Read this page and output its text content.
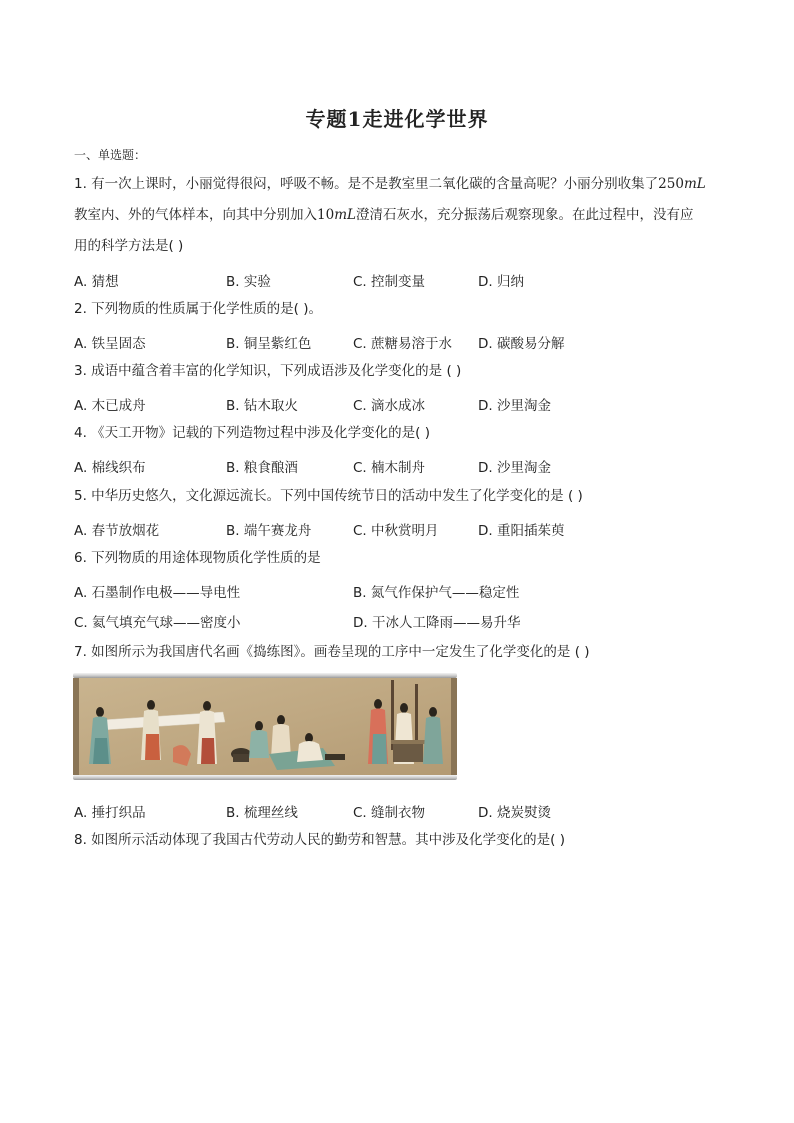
专题1走进化学世界
一、单选题：
1. 有一次上课时，小丽觉得很闷，呼吸不畅。是不是教室里二氧化碳的含量高呢？小丽分别收集了250mL
教室内、外的气体样本，向其中分别加入10mL澄清石灰水，充分振荡后观察现象。在此过程中，没有应
用的科学方法是( )
A. 猜想	B. 实验	C. 控制变量	D. 归纳
2. 下列物质的性质属于化学性质的是( )。
A. 铁呈固态	B. 铜呈紫红色	C. 蔗糖易溶于水 D. 碳酸易分解
3. 成语中蕴含着丰富的化学知识，下列成语涉及化学变化的是 ( )
A. 木已成舟	B. 钻木取火	C. 滴水成冰	D. 沙里淘金
4. 《天工开物》记载的下列造物过程中涉及化学变化的是( )
A. 棉线织布	B. 粮食酿酒	C. 楠木制舟	D. 沙里淘金
5. 中华历史悠久，文化源远流长。下列中国传统节日的活动中发生了化学变化的是 ( )
A. 春节放烟花	B. 端午赛龙舟	C. 中秋赏明月	D. 重阳插茱萸
6. 下列物质的用途体现物质化学性质的是
A. 石墨制作电极——导电性	B. 氮气作保护气——稳定性
C. 氦气填充气球——密度小	D. 干冰人工降雨——易升华
7. 如图所示为我国唐代名画《捣练图》。画卷呈现的工序中一定发生了化学变化的是 ( )
A. 捶打织品	B. 梳理丝线	C. 缝制衣物	D. 烧炭熨烫
8. 如图所示活动体现了我国古代劳动人民的勤劳和智慧。其中涉及化学变化的是( )
